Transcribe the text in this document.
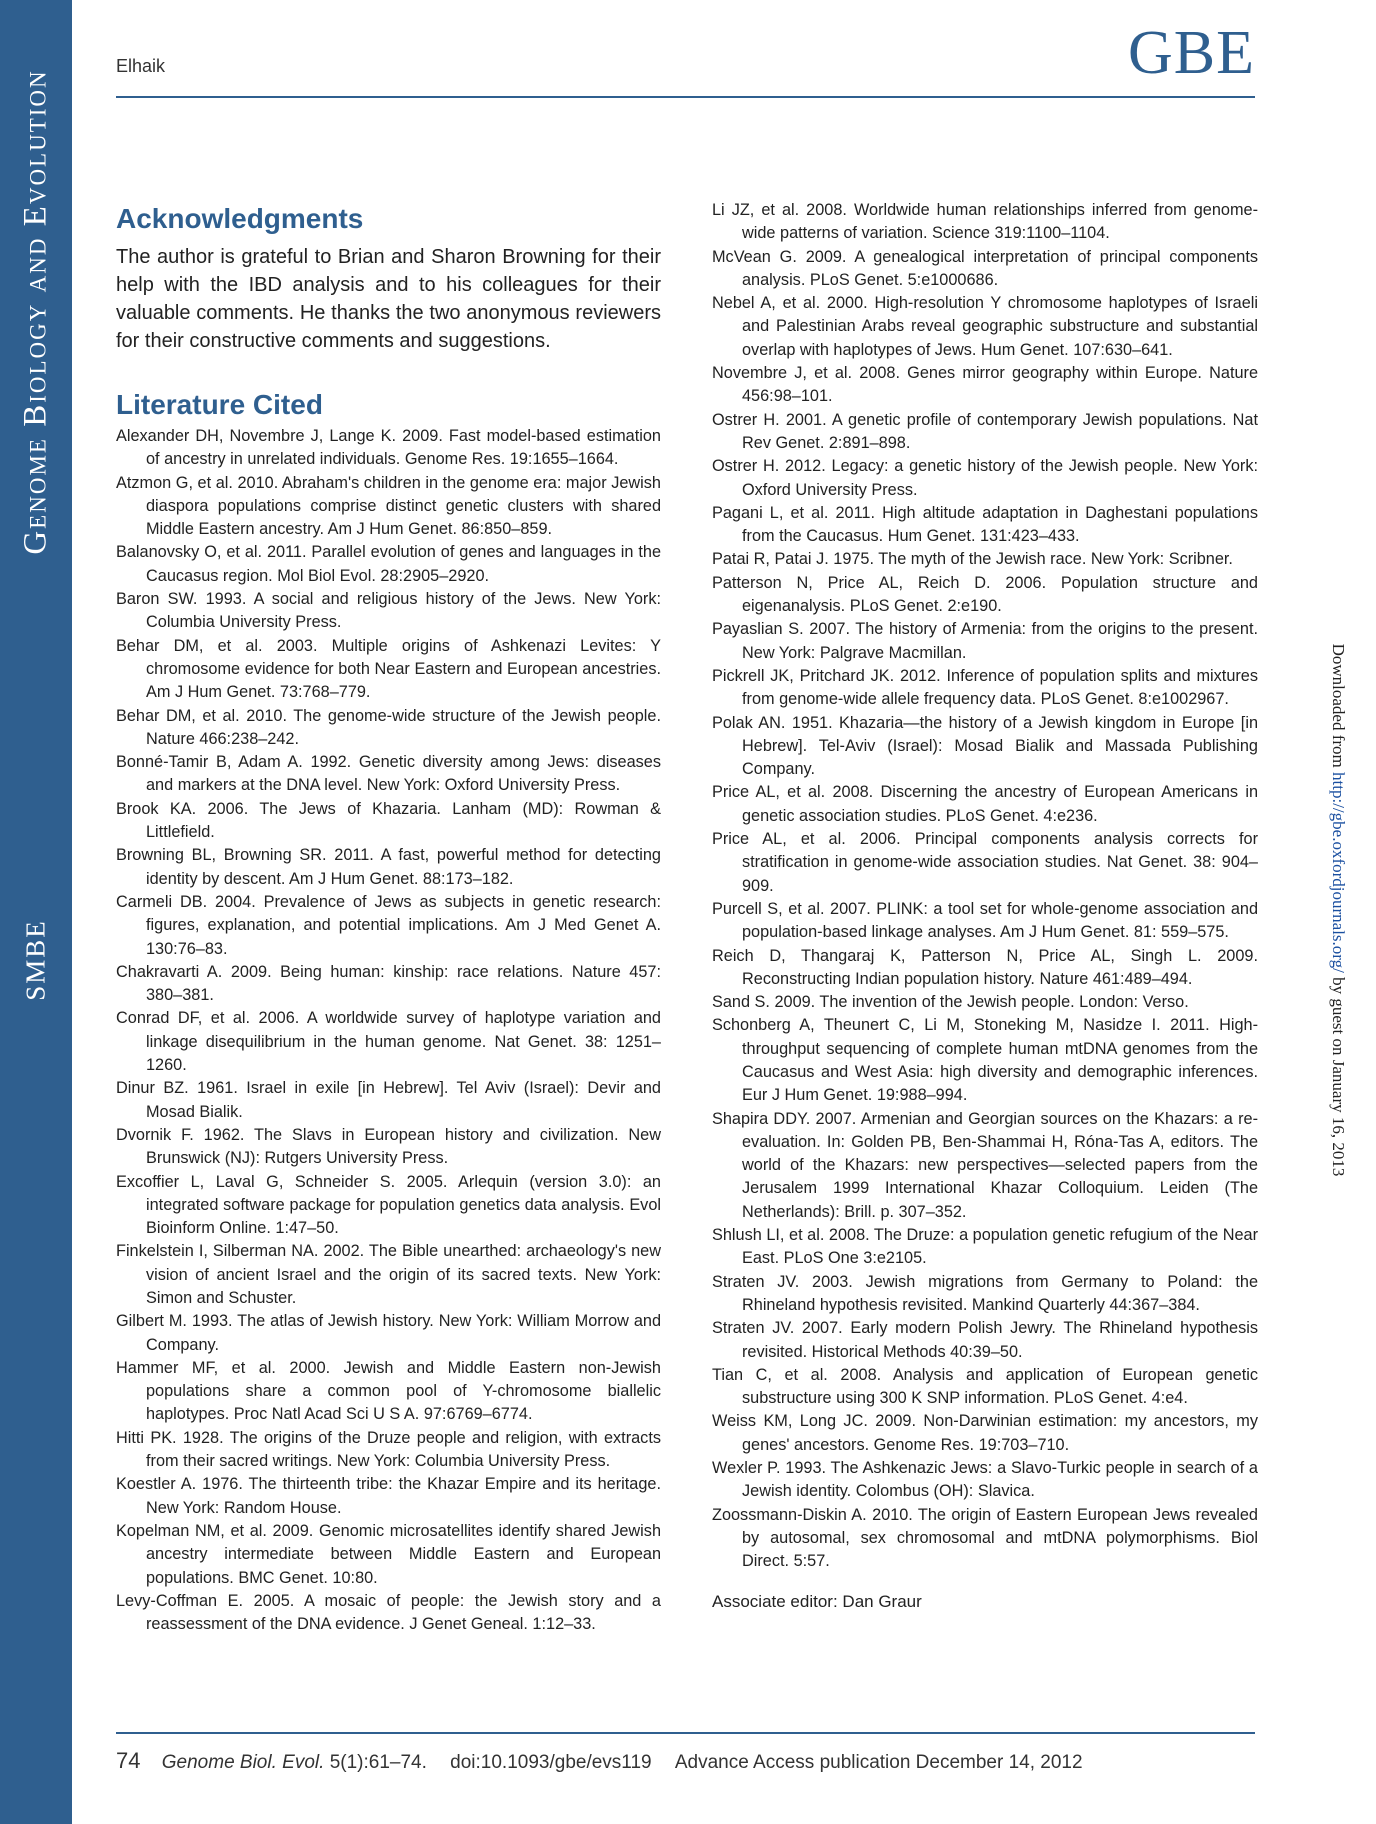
Genome Biology and Evolution
SMBE
Elhaik	GBE
Acknowledgments

The author is grateful to Brian and Sharon Browning for their help with the IBD analysis and to his colleagues for their valuable comments. He thanks the two anonymous reviewers for their constructive comments and suggestions.

Literature Cited
Alexander DH, Novembre J, Lange K. 2009. Fast model-based estimation of ancestry in unrelated individuals. Genome Res. 19:1655–1664.
Atzmon G, et al. 2010. Abraham's children in the genome era: major Jewish diaspora populations comprise distinct genetic clusters with shared Middle Eastern ancestry. Am J Hum Genet. 86:850–859.
Balanovsky O, et al. 2011. Parallel evolution of genes and languages in the Caucasus region. Mol Biol Evol. 28:2905–2920.
Baron SW. 1993. A social and religious history of the Jews. New York: Columbia University Press.
Behar DM, et al. 2003. Multiple origins of Ashkenazi Levites: Y chromosome evidence for both Near Eastern and European ancestries. Am J Hum Genet. 73:768–779.
Behar DM, et al. 2010. The genome-wide structure of the Jewish people. Nature 466:238–242.
Bonné-Tamir B, Adam A. 1992. Genetic diversity among Jews: diseases and markers at the DNA level. New York: Oxford University Press.
Brook KA. 2006. The Jews of Khazaria. Lanham (MD): Rowman & Littlefield.
Browning BL, Browning SR. 2011. A fast, powerful method for detecting identity by descent. Am J Hum Genet. 88:173–182.
Carmeli DB. 2004. Prevalence of Jews as subjects in genetic research: figures, explanation, and potential implications. Am J Med Genet A. 130:76–83.
Chakravarti A. 2009. Being human: kinship: race relations. Nature 457: 380–381.
Conrad DF, et al. 2006. A worldwide survey of haplotype variation and linkage disequilibrium in the human genome. Nat Genet. 38: 1251–1260.
Dinur BZ. 1961. Israel in exile [in Hebrew]. Tel Aviv (Israel): Devir and Mosad Bialik.
Dvornik F. 1962. The Slavs in European history and civilization. New Brunswick (NJ): Rutgers University Press.
Excoffier L, Laval G, Schneider S. 2005. Arlequin (version 3.0): an integrated software package for population genetics data analysis. Evol Bioinform Online. 1:47–50.
Finkelstein I, Silberman NA. 2002. The Bible unearthed: archaeology's new vision of ancient Israel and the origin of its sacred texts. New York: Simon and Schuster.
Gilbert M. 1993. The atlas of Jewish history. New York: William Morrow and Company.
Hammer MF, et al. 2000. Jewish and Middle Eastern non-Jewish populations share a common pool of Y-chromosome biallelic haplotypes. Proc Natl Acad Sci U S A. 97:6769–6774.
Hitti PK. 1928. The origins of the Druze people and religion, with extracts from their sacred writings. New York: Columbia University Press.
Koestler A. 1976. The thirteenth tribe: the Khazar Empire and its heritage. New York: Random House.
Kopelman NM, et al. 2009. Genomic microsatellites identify shared Jewish ancestry intermediate between Middle Eastern and European populations. BMC Genet. 10:80.
Levy-Coffman E. 2005. A mosaic of people: the Jewish story and a reassessment of the DNA evidence. J Genet Geneal. 1:12–33.
Li JZ, et al. 2008. Worldwide human relationships inferred from genome-wide patterns of variation. Science 319:1100–1104.
McVean G. 2009. A genealogical interpretation of principal components analysis. PLoS Genet. 5:e1000686.
Nebel A, et al. 2000. High-resolution Y chromosome haplotypes of Israeli and Palestinian Arabs reveal geographic substructure and substantial overlap with haplotypes of Jews. Hum Genet. 107:630–641.
Novembre J, et al. 2008. Genes mirror geography within Europe. Nature 456:98–101.
Ostrer H. 2001. A genetic profile of contemporary Jewish populations. Nat Rev Genet. 2:891–898.
Ostrer H. 2012. Legacy: a genetic history of the Jewish people. New York: Oxford University Press.
Pagani L, et al. 2011. High altitude adaptation in Daghestani populations from the Caucasus. Hum Genet. 131:423–433.
Patai R, Patai J. 1975. The myth of the Jewish race. New York: Scribner.
Patterson N, Price AL, Reich D. 2006. Population structure and eigenanalysis. PLoS Genet. 2:e190.
Payaslian S. 2007. The history of Armenia: from the origins to the present. New York: Palgrave Macmillan.
Pickrell JK, Pritchard JK. 2012. Inference of population splits and mixtures from genome-wide allele frequency data. PLoS Genet. 8:e1002967.
Polak AN. 1951. Khazaria—the history of a Jewish kingdom in Europe [in Hebrew]. Tel-Aviv (Israel): Mosad Bialik and Massada Publishing Company.
Price AL, et al. 2008. Discerning the ancestry of European Americans in genetic association studies. PLoS Genet. 4:e236.
Price AL, et al. 2006. Principal components analysis corrects for stratification in genome-wide association studies. Nat Genet. 38: 904–909.
Purcell S, et al. 2007. PLINK: a tool set for whole-genome association and population-based linkage analyses. Am J Hum Genet. 81: 559–575.
Reich D, Thangaraj K, Patterson N, Price AL, Singh L. 2009. Reconstructing Indian population history. Nature 461:489–494.
Sand S. 2009. The invention of the Jewish people. London: Verso.
Schonberg A, Theunert C, Li M, Stoneking M, Nasidze I. 2011. High-throughput sequencing of complete human mtDNA genomes from the Caucasus and West Asia: high diversity and demographic inferences. Eur J Hum Genet. 19:988–994.
Shapira DDY. 2007. Armenian and Georgian sources on the Khazars: a re-evaluation. In: Golden PB, Ben-Shammai H, Róna-Tas A, editors. The world of the Khazars: new perspectives—selected papers from the Jerusalem 1999 International Khazar Colloquium. Leiden (The Netherlands): Brill. p. 307–352.
Shlush LI, et al. 2008. The Druze: a population genetic refugium of the Near East. PLoS One 3:e2105.
Straten JV. 2003. Jewish migrations from Germany to Poland: the Rhineland hypothesis revisited. Mankind Quarterly 44:367–384.
Straten JV. 2007. Early modern Polish Jewry. The Rhineland hypothesis revisited. Historical Methods 40:39–50.
Tian C, et al. 2008. Analysis and application of European genetic substructure using 300 K SNP information. PLoS Genet. 4:e4.
Weiss KM, Long JC. 2009. Non-Darwinian estimation: my ancestors, my genes' ancestors. Genome Res. 19:703–710.
Wexler P. 1993. The Ashkenazic Jews: a Slavo-Turkic people in search of a Jewish identity. Colombus (OH): Slavica.
Zoossmann-Diskin A. 2010. The origin of Eastern European Jews revealed by autosomal, sex chromosomal and mtDNA polymorphisms. Biol Direct. 5:57.
Associate editor: Dan Graur
Downloaded from http://gbe.oxfordjournals.org/ by guest on January 16, 2013
74 Genome Biol. Evol. 5(1):61–74. doi:10.1093/gbe/evs119 Advance Access publication December 14, 2012
